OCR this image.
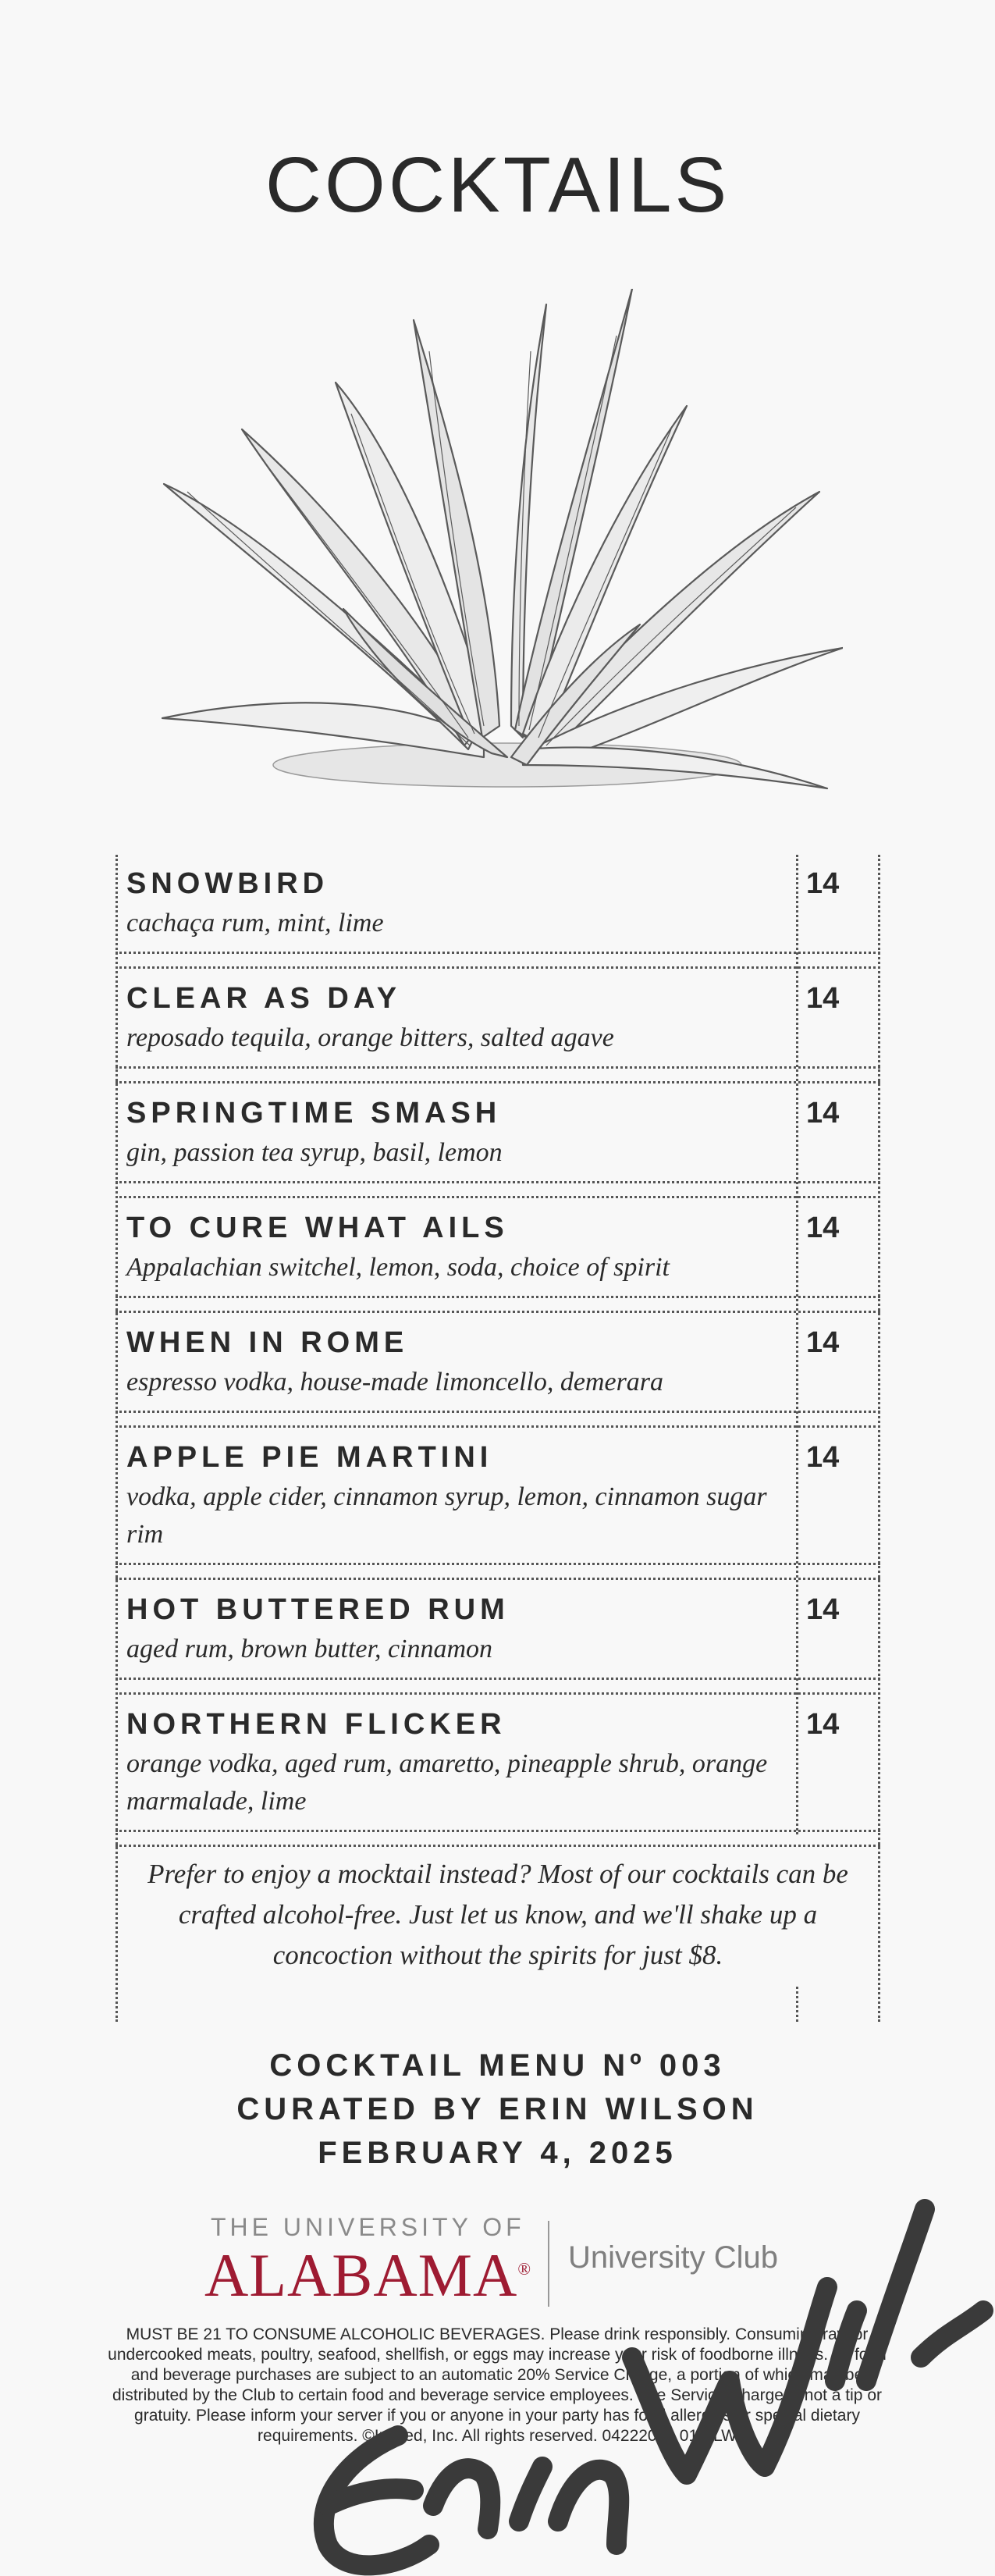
COCKTAILS
SNOWBIRD
cachaça rum, mint, lime
14
CLEAR AS DAY
reposado tequila, orange bitters, salted agave
14
SPRINGTIME SMASH
gin, passion tea syrup, basil, lemon
14
TO CURE WHAT AILS
Appalachian switchel, lemon, soda, choice of spirit
14
WHEN IN ROME
espresso vodka, house-made limoncello, demerara
14
APPLE PIE MARTINI
vodka, apple cider, cinnamon syrup, lemon, cinnamon sugar rim
14
HOT BUTTERED RUM
aged rum, brown butter, cinnamon
14
NORTHERN FLICKER
orange vodka, aged rum, amaretto, pineapple shrub, orange marmalade, lime
14
Prefer to enjoy a mocktail instead? Most of our cocktails can be crafted alcohol-free. Just let us know, and we'll shake up a concoction without the spirits for just $8.
COCKTAIL MENU Nº 003
CURATED BY ERIN WILSON
FEBRUARY 4, 2025
THE UNIVERSITY OF
ALABAMA® University Club
MUST BE 21 TO CONSUME ALCOHOLIC BEVERAGES. Please drink responsibly. Consuming raw or undercooked meats, poultry, seafood, shellfish, or eggs may increase your risk of foodborne illness. All food and beverage purchases are subject to an automatic 20% Service Charge, a portion of which may be distributed by the Club to certain food and beverage service employees. The Service Charge is not a tip or gratuity. Please inform your server if you or anyone in your party has food allergies or special dietary requirements. ©Invited, Inc. All rights reserved. 04222024 01 SLW
